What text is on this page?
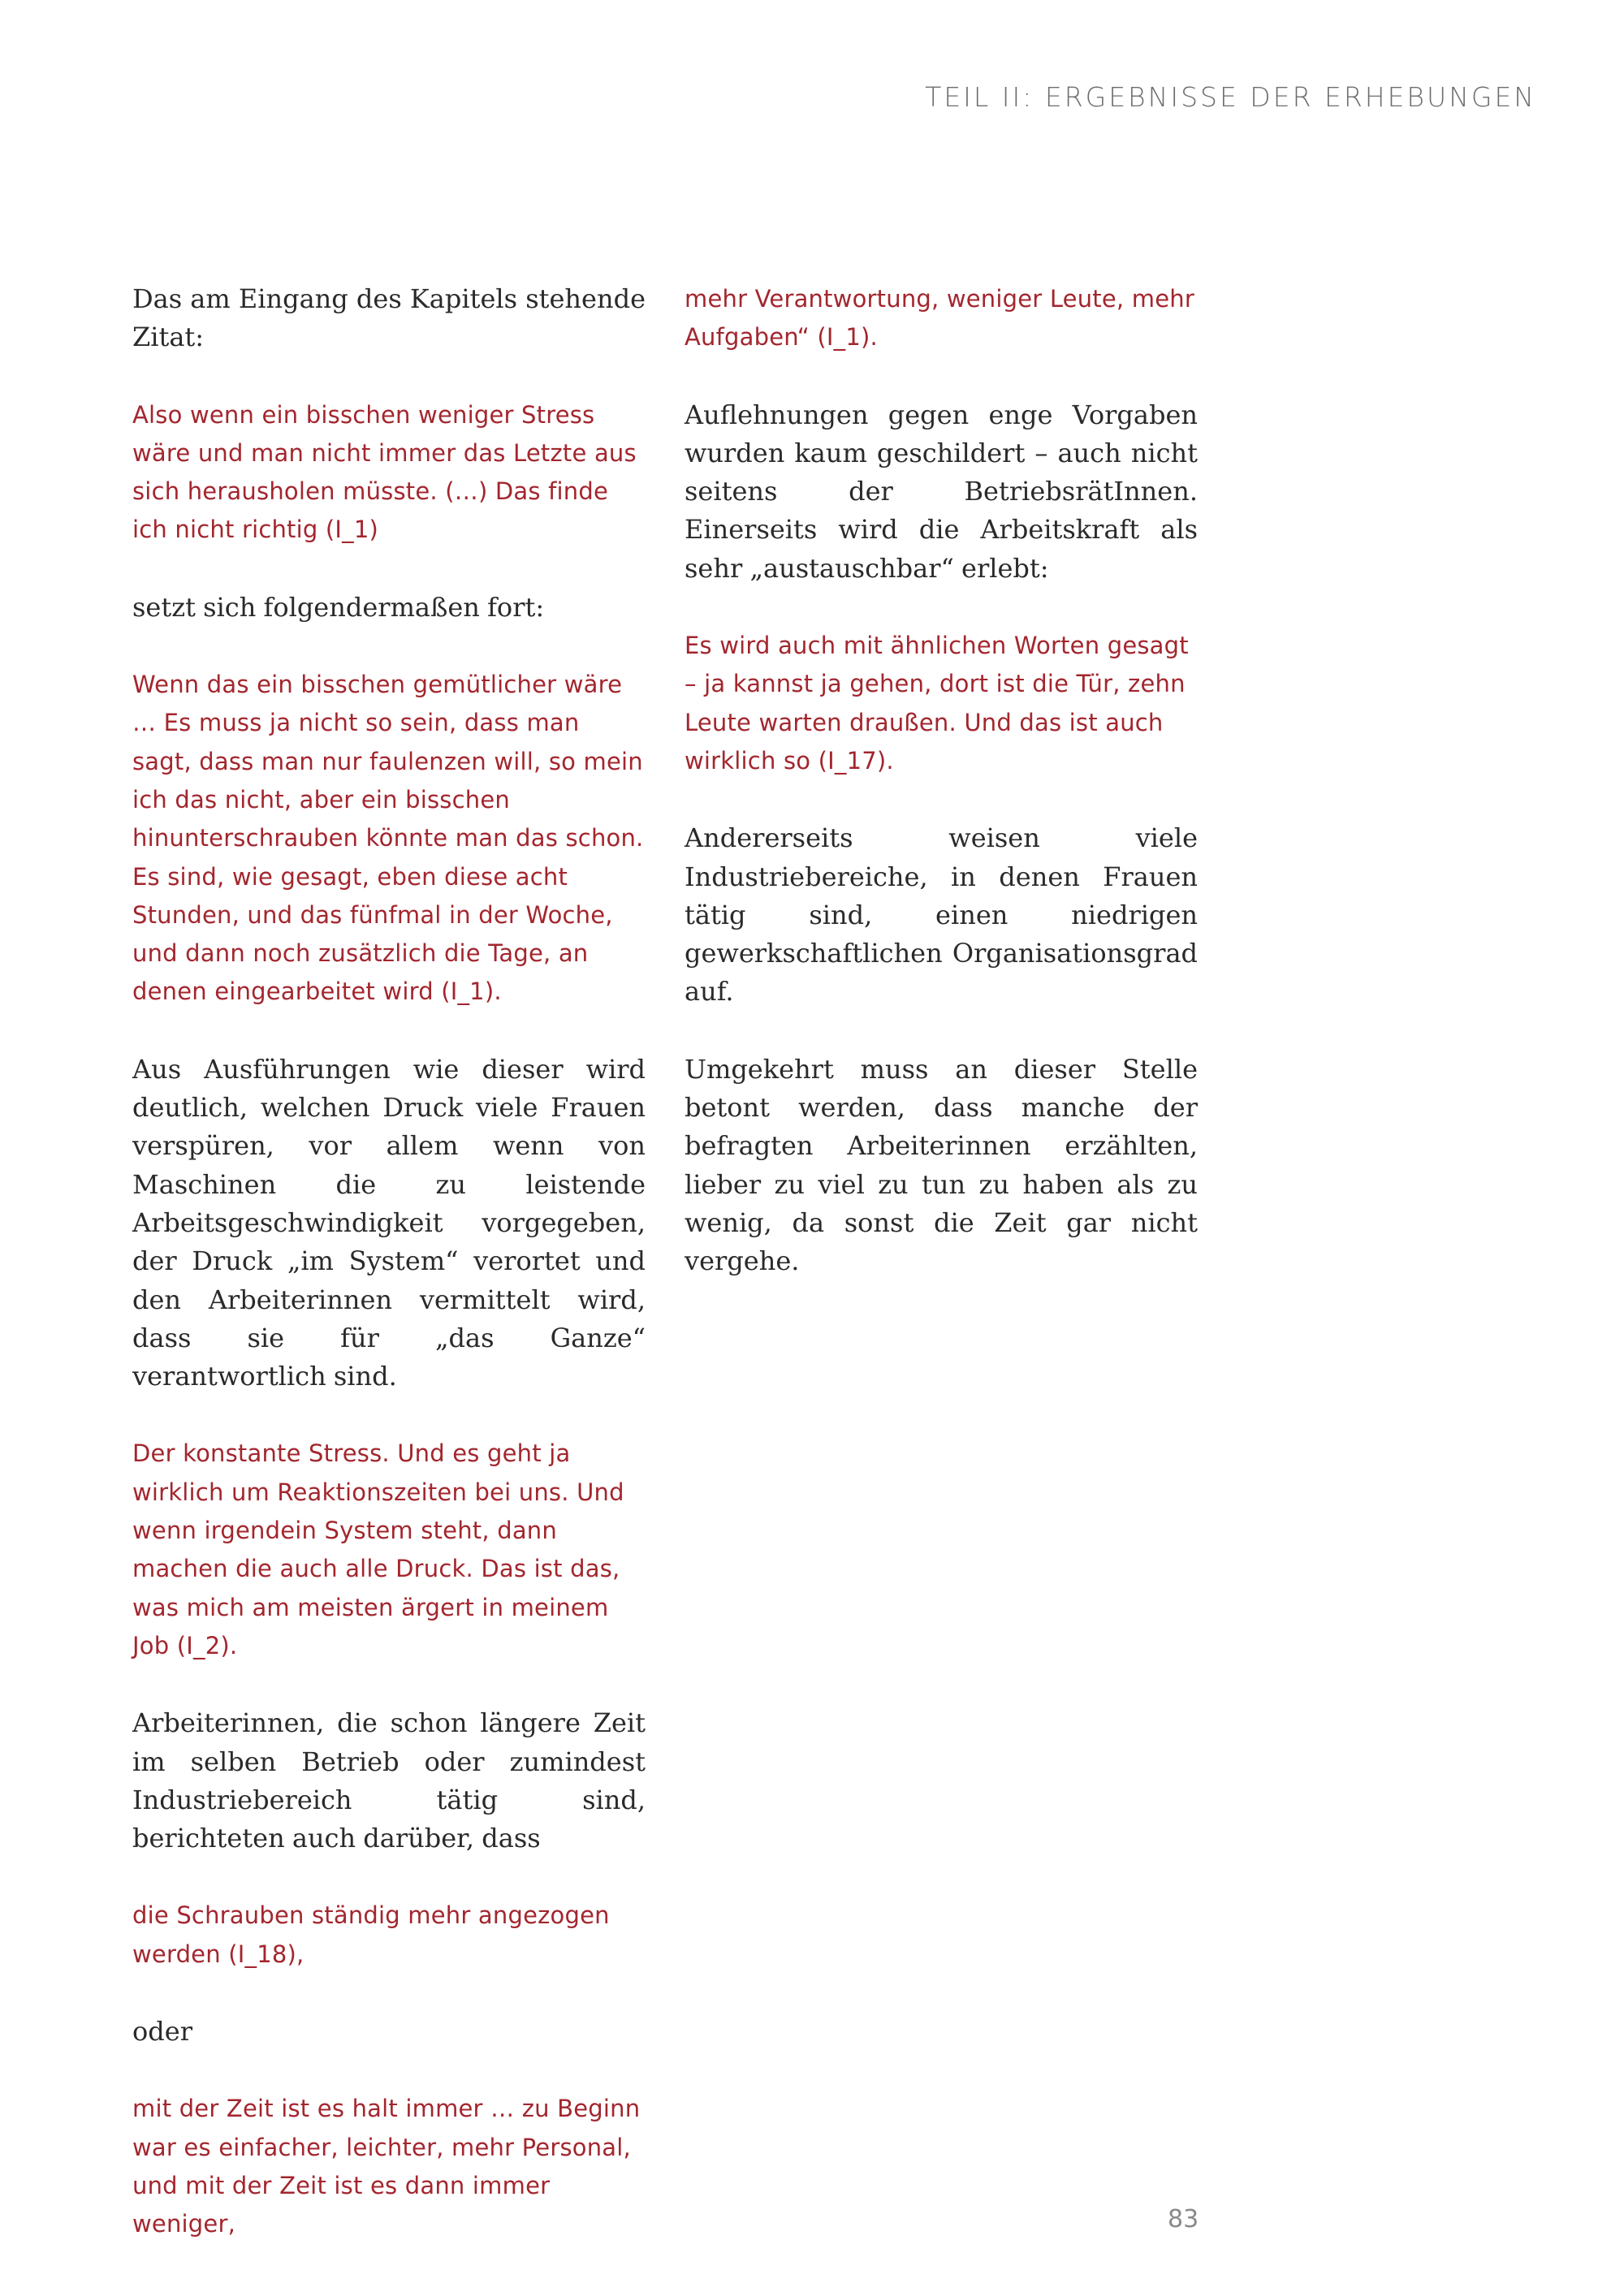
TEIL II: ERGEBNISSE DER ERHEBUNGEN

Das am Eingang des Kapitels stehende Zitat:

Also wenn ein bisschen weniger Stress wäre und man nicht immer das Letzte aus sich herausholen müsste. (…) Das finde ich nicht richtig (I_1)

setzt sich folgendermaßen fort:

Wenn das ein bisschen gemütlicher wäre … Es muss ja nicht so sein, dass man sagt, dass man nur faulenzen will, so mein ich das nicht, aber ein bisschen hinunterschrauben könnte man das schon. Es sind, wie gesagt, eben diese acht Stunden, und das fünfmal in der Woche, und dann noch zusätzlich die Tage, an denen eingearbeitet wird (I_1).

Aus Ausführungen wie dieser wird deutlich, welchen Druck viele Frauen verspüren, vor allem wenn von Maschinen die zu leistende Arbeitsgeschwindigkeit vorgegeben, der Druck „im System“ verortet und den Arbeiterinnen vermittelt wird, dass sie für „das Ganze“ verantwortlich sind.

Der konstante Stress. Und es geht ja wirklich um Reaktionszeiten bei uns. Und wenn irgendein System steht, dann machen die auch alle Druck. Das ist das, was mich am meisten ärgert in meinem Job (I_2).

Arbeiterinnen, die schon längere Zeit im selben Betrieb oder zumindest Industriebereich tätig sind, berichteten auch darüber, dass

die Schrauben ständig mehr angezogen werden (I_18),

oder

mit der Zeit ist es halt immer … zu Beginn war es einfacher, leichter, mehr Personal, und mit der Zeit ist es dann immer weniger,

mehr Verantwortung, weniger Leute, mehr Aufgaben“ (I_1).

Auflehnungen gegen enge Vorgaben wurden kaum geschildert – auch nicht seitens der BetriebsrätInnen. Einerseits wird die Arbeitskraft als sehr „austauschbar“ erlebt:

Es wird auch mit ähnlichen Worten gesagt – ja kannst ja gehen, dort ist die Tür, zehn Leute warten draußen. Und das ist auch wirklich so (I_17).

Andererseits weisen viele Industriebereiche, in denen Frauen tätig sind, einen niedrigen gewerkschaftlichen Organisationsgrad auf.

Umgekehrt muss an dieser Stelle betont werden, dass manche der befragten Arbeiterinnen erzählten, lieber zu viel zu tun zu haben als zu wenig, da sonst die Zeit gar nicht vergehe.

83
